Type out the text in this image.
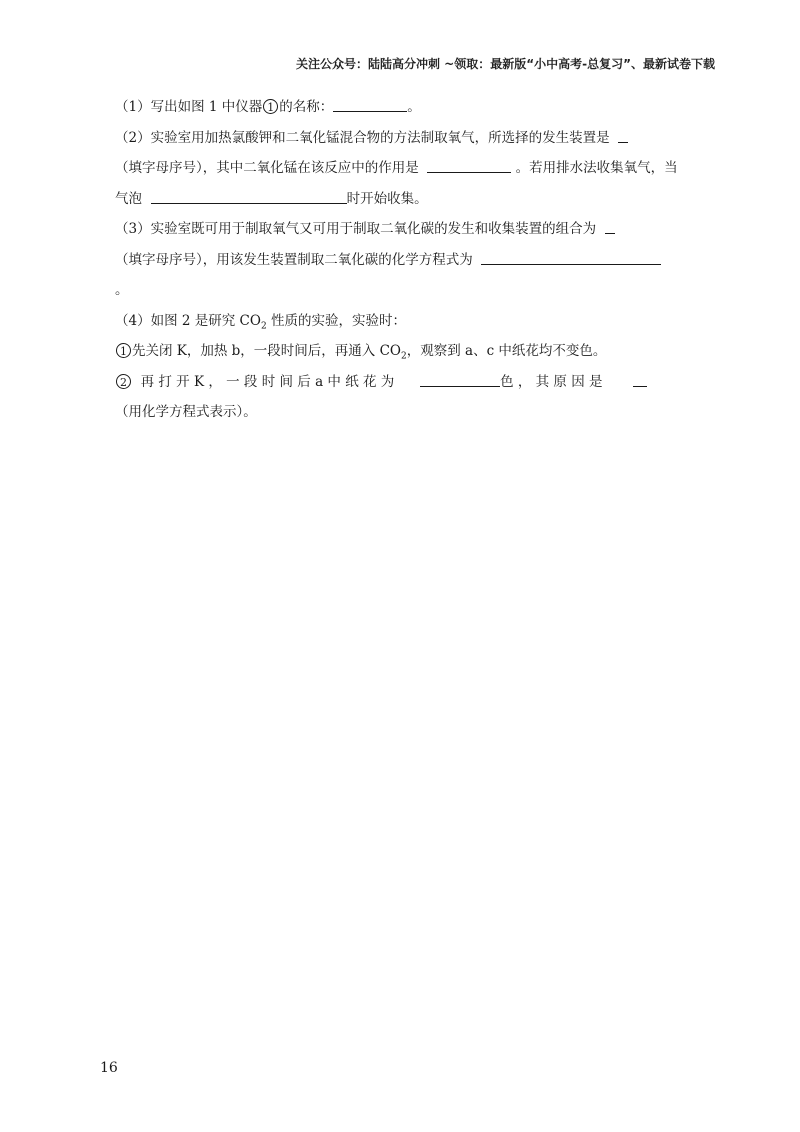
关注公众号：陆陆高分冲刺 ~领取：最新版“小中高考-总复习”、最新试卷下载
（1）写出如图 1 中仪器 1 的名称：	。
（2）实验室用加热氯酸钾和二氧化锰混合物的方法制取氧气，所选择的发生装置是
（填字母序号），其中二氧化锰在该反应中的作用是	。若用排水法收集氧气，当
气泡	时开始收集。
（3）实验室既可用于制取氧气又可用于制取二氧化碳的发生和收集装置的组合为
（填字母序号），用该发生装置制取二氧化碳的化学方程式为
。
（4）如图 2 是研究 $CO_2$ 性质的实验，实验时：
1 先关闭 K，加热 b，一段时间后，再通入 $CO_2$，观察到 a、c 中纸花均不变色。
2 再 打 开 K ， 一 段 时 间 后 a 中 纸 花 为	色 ， 其 原 因 是
（用化学方程式表示）。
16
